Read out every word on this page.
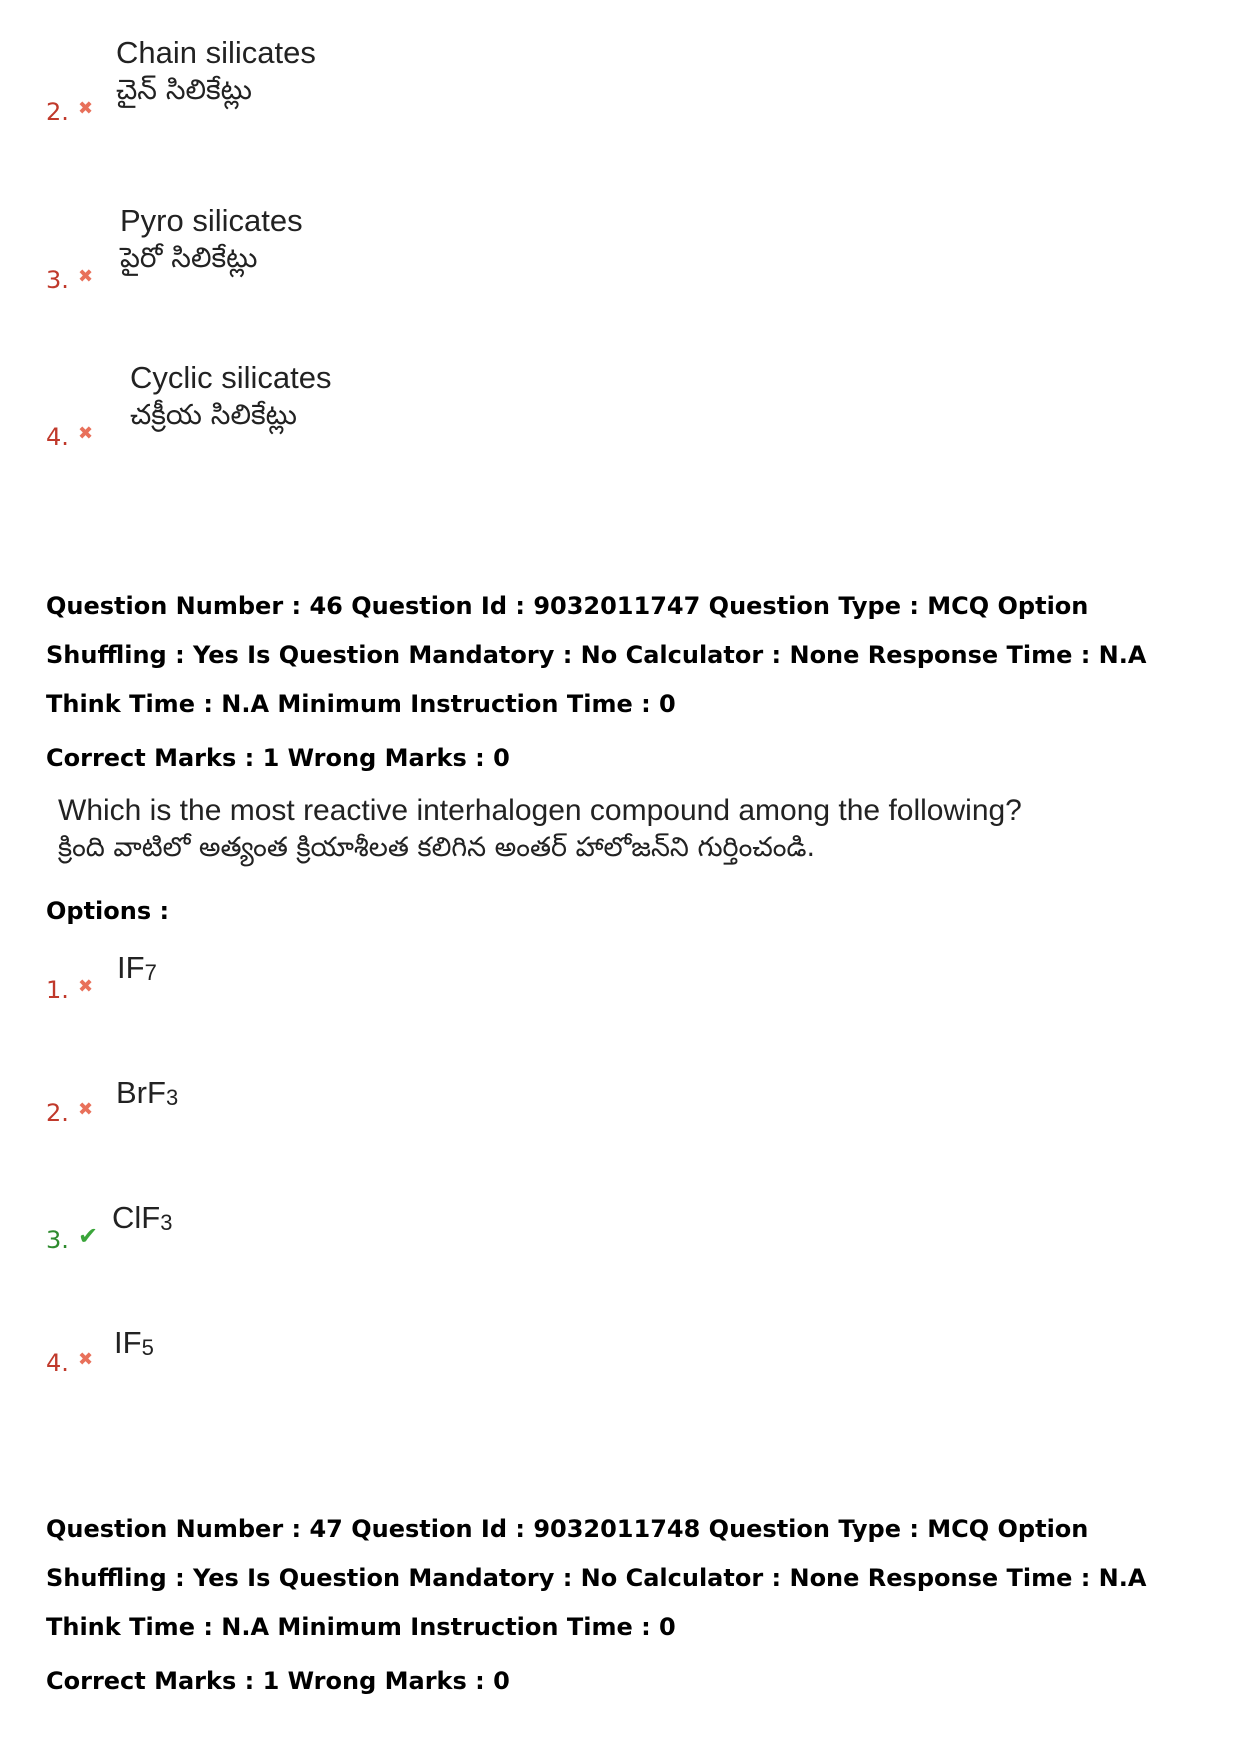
2. ✖
Chain silicates
చైన్ సిలికేట్లు
3. ✖
Pyro silicates
పైరో సిలికేట్లు
4. ✖
Cyclic silicates
చక్రీయ సిలికేట్లు
Question Number : 46 Question Id : 9032011747 Question Type : MCQ Option Shuffling : Yes Is Question Mandatory : No Calculator : None Response Time : N.A Think Time : N.A Minimum Instruction Time : 0
Correct Marks : 1 Wrong Marks : 0
Which is the most reactive interhalogen compound among the following?
క్రింది వాటిలో అత్యంత క్రియాశీలత కలిగిన అంతర్ హాలోజన్‌ని గుర్తించండి.
Options :
1. ✖
$IF_7$
2. ✖ BrF$_3$
3. ✔
ClF$_3$
4. ✖ $IF_5$
Question Number : 47 Question Id : 9032011748 Question Type : MCQ Option Shuffling : Yes Is Question Mandatory : No Calculator : None Response Time : N.A Think Time : N.A Minimum Instruction Time : 0
Correct Marks : 1 Wrong Marks : 0
